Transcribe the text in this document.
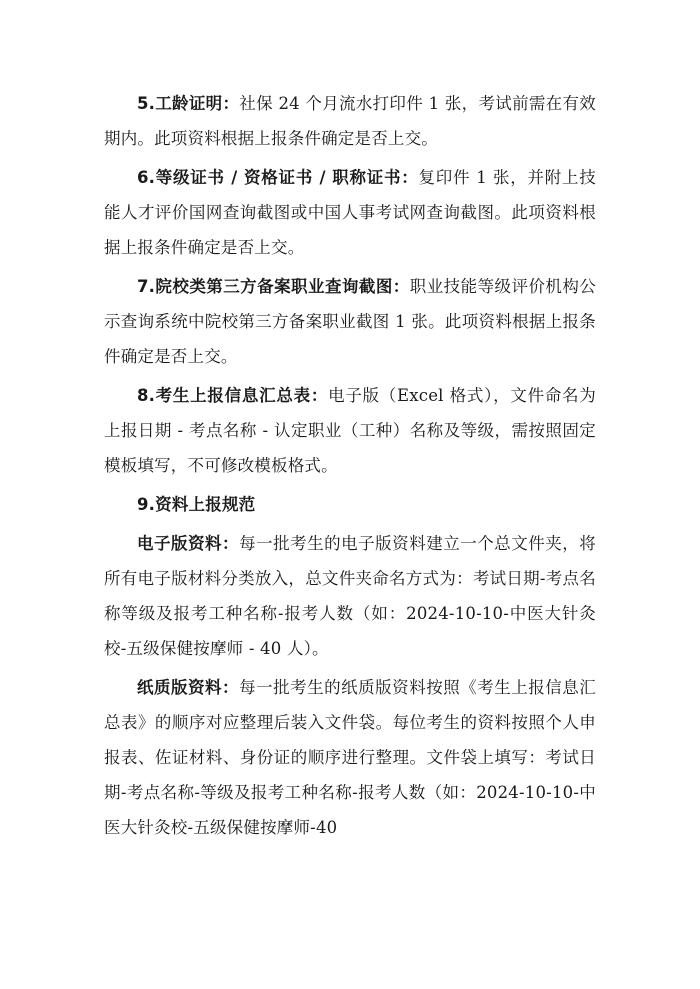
5.工龄证明：社保 24 个月流水打印件 1 张，考试前需在有效期内。此项资料根据上报条件确定是否上交。

6.等级证书 / 资格证书 / 职称证书：复印件 1 张，并附上技能人才评价国网查询截图或中国人事考试网查询截图。此项资料根据上报条件确定是否上交。

7.院校类第三方备案职业查询截图：职业技能等级评价机构公示查询系统中院校第三方备案职业截图 1 张。此项资料根据上报条件确定是否上交。

8.考生上报信息汇总表：电子版（Excel 格式），文件命名为上报日期 - 考点名称 - 认定职业（工种）名称及等级，需按照固定模板填写，不可修改模板格式。

9.资料上报规范

电子版资料：每一批考生的电子版资料建立一个总文件夹，将所有电子版材料分类放入，总文件夹命名方式为：考试日期-考点名称等级及报考工种名称-报考人数（如：2024-10-10-中医大针灸校-五级保健按摩师 - 40 人）。

纸质版资料：每一批考生的纸质版资料按照《考生上报信息汇总表》的顺序对应整理后装入文件袋。每位考生的资料按照个人申报表、佐证材料、身份证的顺序进行整理。文件袋上填写：考试日期-考点名称-等级及报考工种名称-报考人数（如：2024-10-10-中医大针灸校-五级保健按摩师-40
